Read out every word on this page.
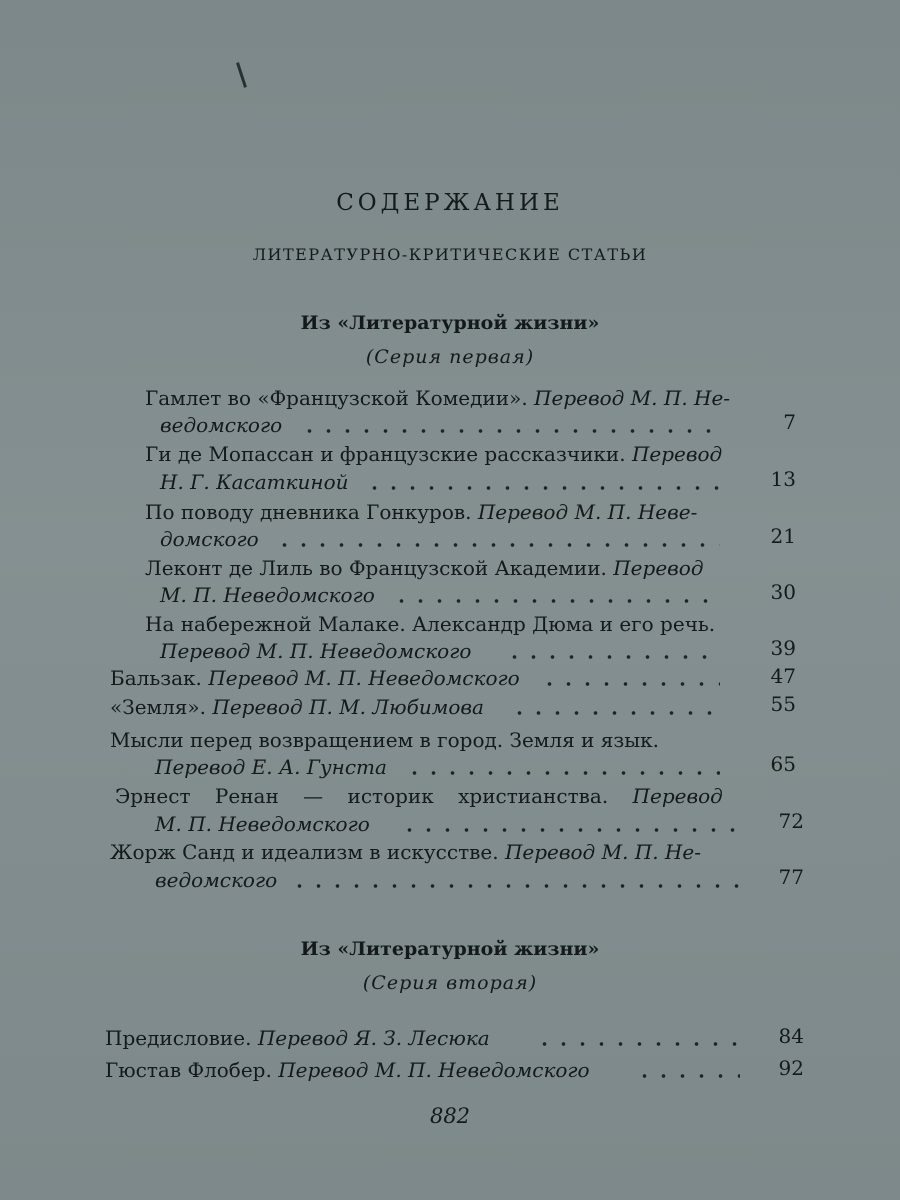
СОДЕРЖАНИЕ
ЛИТЕРАТУРНО-КРИТИЧЕСКИЕ СТАТЬИ
Из «Литературной жизни»
(Серия первая)
Гамлет во «Французской Комедии». Перевод М. П. Не-
ведомского	7
Ги де Мопассан и французские рассказчики. Перевод
Н. Г. Касаткиной	13
По поводу дневника Гонкуров. Перевод М. П. Неве-
домского	21
Леконт де Лиль во Французской Академии. Перевод
М. П. Неведомского	30
На набережной Малаке. Александр Дюма и его речь.
Перевод М. П. Неведомского	39
Бальзак. Перевод М. П. Неведомского	47
«Земля». Перевод П. М. Любимова	55
Мысли перед возвращением в город. Земля и язык.
Перевод Е. А. Гунста	65
Эрнест Ренан — историк христианства. Перевод
М. П. Неведомского	72
Жорж Санд и идеализм в искусстве. Перевод М. П. Не-
ведомского	77
Из «Литературной жизни»
(Серия вторая)
Предисловие. Перевод Я. З. Лесюка	84
Гюстав Флобер. Перевод М. П. Неведомского	92
882
